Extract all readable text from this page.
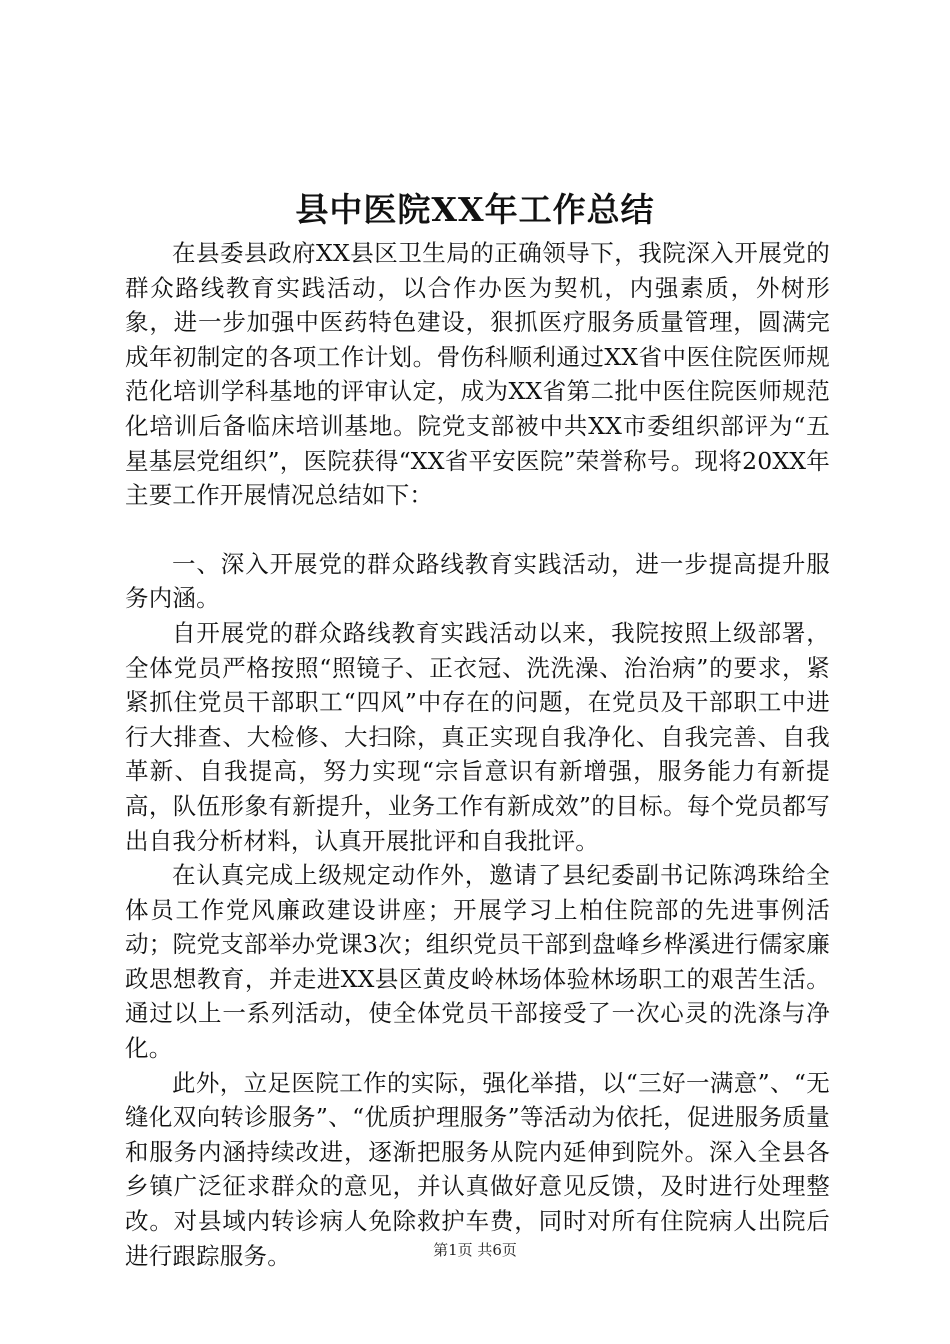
县中医院XX年工作总结

在县委县政府XX县区卫生局的正确领导下，我院深入开展党的群众路线教育实践活动，以合作办医为契机，内强素质，外树形象，进一步加强中医药特色建设，狠抓医疗服务质量管理，圆满完成年初制定的各项工作计划。骨伤科顺利通过XX省中医住院医师规范化培训学科基地的评审认定，成为XX省第二批中医住院医师规范化培训后备临床培训基地。院党支部被中共XX市委组织部评为“五星基层党组织”，医院获得“XX省平安医院”荣誉称号。现将20XX年主要工作开展情况总结如下：

一、深入开展党的群众路线教育实践活动，进一步提高提升服务内涵。

自开展党的群众路线教育实践活动以来，我院按照上级部署，全体党员严格按照“照镜子、正衣冠、洗洗澡、治治病”的要求，紧紧抓住党员干部职工“四风”中存在的问题，在党员及干部职工中进行大排查、大检修、大扫除，真正实现自我净化、自我完善、自我革新、自我提高，努力实现“宗旨意识有新增强，服务能力有新提高，队伍形象有新提升，业务工作有新成效”的目标。每个党员都写出自我分析材料，认真开展批评和自我批评。

在认真完成上级规定动作外，邀请了县纪委副书记陈鸿珠给全体员工作党风廉政建设讲座；开展学习上柏住院部的先进事例活动；院党支部举办党课3次；组织党员干部到盘峰乡桦溪进行儒家廉政思想教育，并走进XX县区黄皮岭林场体验林场职工的艰苦生活。通过以上一系列活动，使全体党员干部接受了一次心灵的洗涤与净化。

此外，立足医院工作的实际，强化举措，以“三好一满意”、“无缝化双向转诊服务”、“优质护理服务”等活动为依托，促进服务质量和服务内涵持续改进，逐渐把服务从院内延伸到院外。深入全县各乡镇广泛征求群众的意见，并认真做好意见反馈，及时进行处理整改。对县域内转诊病人免除救护车费，同时对所有住院病人出院后进行跟踪服务。	第1页 共6页
